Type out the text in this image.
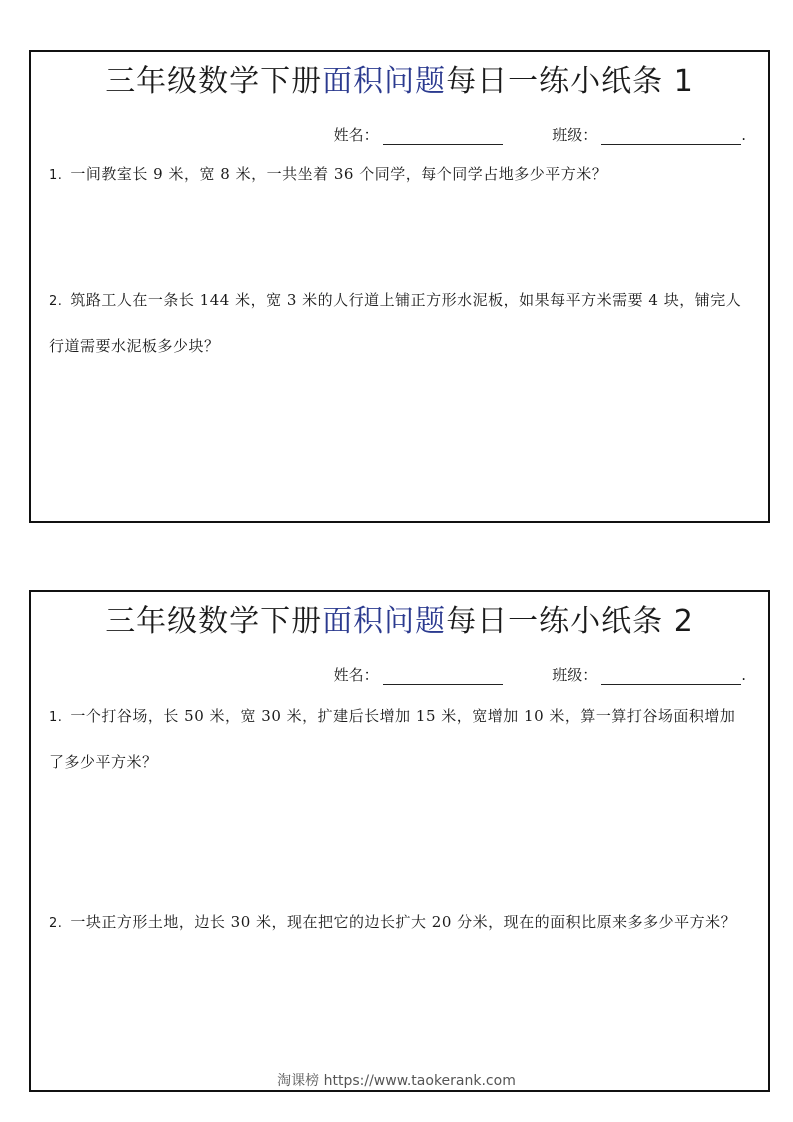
三年级数学下册面积问题每日一练小纸条 1
姓名：	班级：	.
1. 一间教室长 9 米，宽 8 米，一共坐着 36 个同学，每个同学占地多少平方米？
2. 筑路工人在一条长 144 米，宽 3 米的人行道上铺正方形水泥板，如果每平方米需要 4 块，铺完人行道需要水泥板多少块？
三年级数学下册面积问题每日一练小纸条 2
姓名：	班级：	.
1. 一个打谷场，长 50 米，宽 30 米，扩建后长增加 15 米，宽增加 10 米，算一算打谷场面积增加了多少平方米？
2. 一块正方形土地，边长 30 米，现在把它的边长扩大 20 分米，现在的面积比原来多多少平方米？
淘课榜 https://www.taokerank.com
